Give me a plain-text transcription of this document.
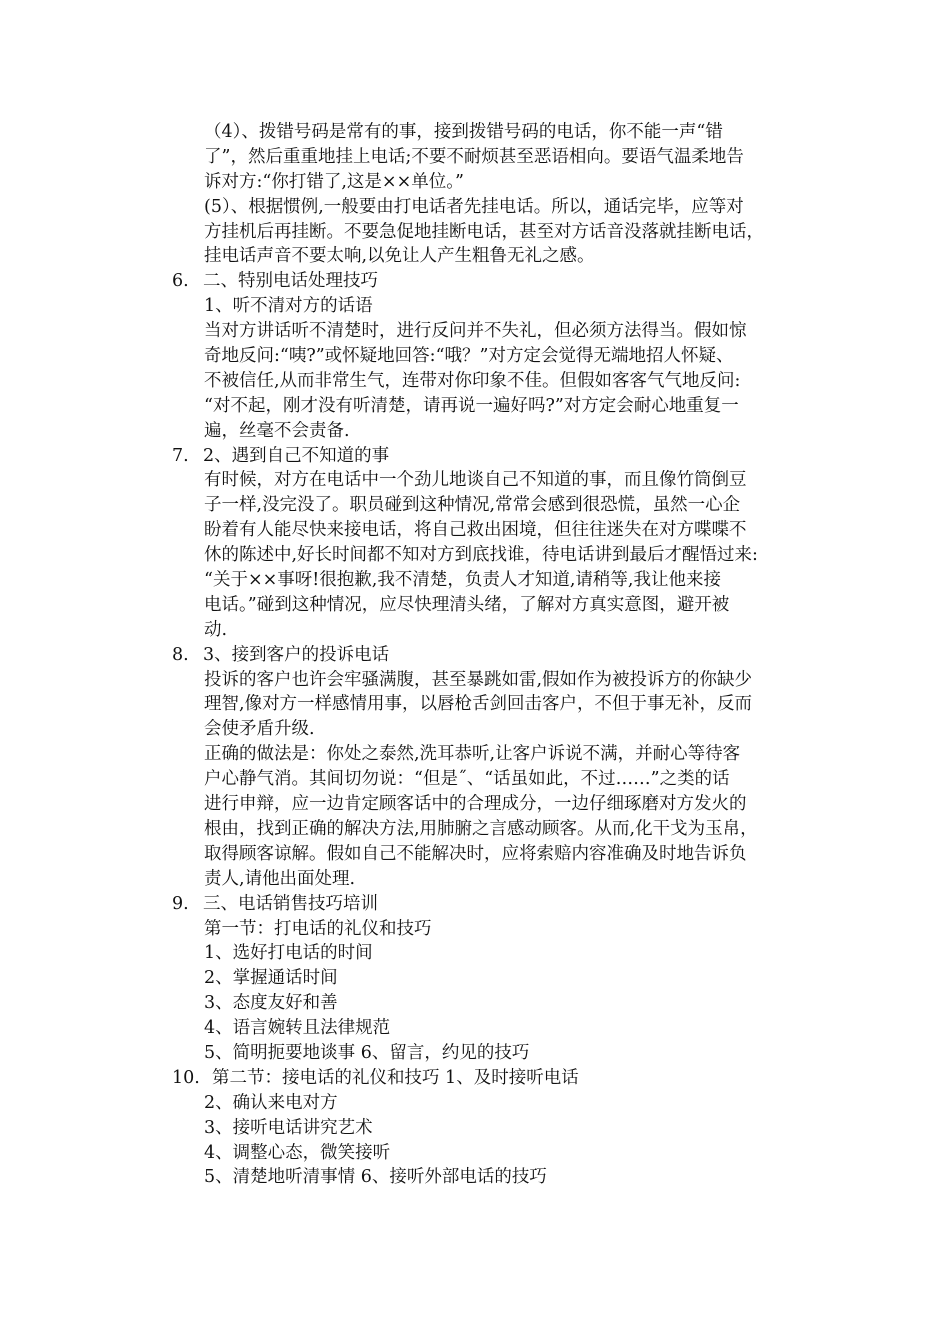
（4）、拨错号码是常有的事，接到拨错号码的电话，你不能一声“错
了”，然后重重地挂上电话;不要不耐烦甚至恶语相向。要语气温柔地告
诉对方:“你打错了,这是××单位。”
(5）、根据惯例,一般要由打电话者先挂电话。所以，通话完毕，应等对
方挂机后再挂断。不要急促地挂断电话，甚至对方话音没落就挂断电话，
挂电话声音不要太响,以免让人产生粗鲁无礼之感。
6. 二、特别电话处理技巧
1、听不清对方的话语
当对方讲话听不清楚时，进行反问并不失礼，但必须方法得当。假如惊
奇地反问:“咦?”或怀疑地回答:“哦？”对方定会觉得无端地招人怀疑、
不被信任,从而非常生气，连带对你印象不佳。但假如客客气气地反问:
“对不起，刚才没有听清楚，请再说一遍好吗?”对方定会耐心地重复一
遍，丝毫不会责备.
7. 2、遇到自己不知道的事
有时候，对方在电话中一个劲儿地谈自己不知道的事，而且像竹筒倒豆
子一样,没完没了。职员碰到这种情况,常常会感到很恐慌，虽然一心企
盼着有人能尽快来接电话，将自己救出困境，但往往迷失在对方喋喋不
休的陈述中,好长时间都不知对方到底找谁，待电话讲到最后才醒悟过来:
“关于××事呀!很抱歉,我不清楚，负责人才知道,请稍等,我让他来接
电话。”碰到这种情况，应尽快理清头绪，了解对方真实意图，避开被
动.
8. 3、接到客户的投诉电话
投诉的客户也许会牢骚满腹，甚至暴跳如雷,假如作为被投诉方的你缺少
理智,像对方一样感情用事，以唇枪舌剑回击客户，不但于事无补，反而
会使矛盾升级.
正确的做法是：你处之泰然,洗耳恭听,让客户诉说不满，并耐心等待客
户心静气消。其间切勿说：“但是˝、“话虽如此，不过……”之类的话
进行申辩，应一边肯定顾客话中的合理成分，一边仔细琢磨对方发火的
根由，找到正确的解决方法,用肺腑之言感动顾客。从而,化干戈为玉帛，
取得顾客谅解。假如自己不能解决时，应将索赔内容准确及时地告诉负
责人,请他出面处理.
9. 三、电话销售技巧培训
第一节：打电话的礼仪和技巧
1、选好打电话的时间
2、掌握通话时间
3、态度友好和善
4、语言婉转且法律规范
5、简明扼要地谈事 6、留言，约见的技巧
10. 第二节：接电话的礼仪和技巧 1、及时接听电话
2、确认来电对方
3、接听电话讲究艺术
4、调整心态，微笑接听
5、清楚地听清事情 6、接听外部电话的技巧
